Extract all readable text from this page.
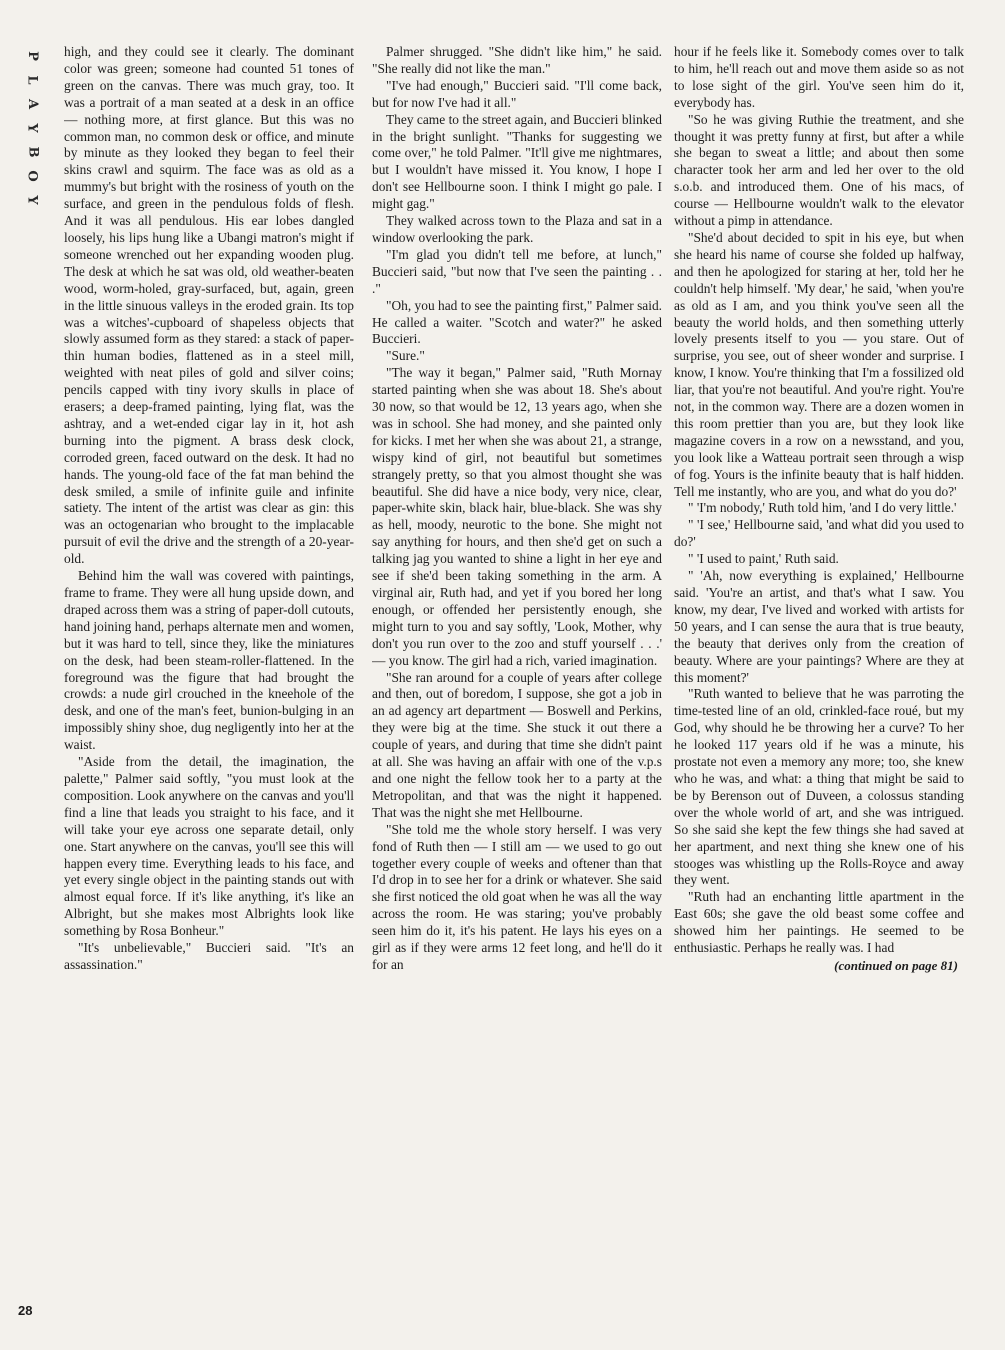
P
L
A
Y
B
O
Y

high, and they could see it clearly. The dominant color was green; someone had counted 51 tones of green on the canvas. There was much gray, too. It was a portrait of a man seated at a desk in an office — nothing more, at first glance. But this was no common man, no common desk or office, and minute by minute as they looked they began to feel their skins crawl and squirm. The face was as old as a mummy's but bright with the rosiness of youth on the surface, and green in the pendulous folds of flesh. And it was all pendulous. His ear lobes dangled loosely, his lips hung like a Ubangi matron's might if someone wrenched out her expanding wooden plug. The desk at which he sat was old, old weather-beaten wood, worm-holed, gray-surfaced, but, again, green in the little sinuous valleys in the eroded grain. Its top was a witches'-cupboard of shapeless objects that slowly assumed form as they stared: a stack of paper-thin human bodies, flattened as in a steel mill, weighted with neat piles of gold and silver coins; pencils capped with tiny ivory skulls in place of erasers; a deep-framed painting, lying flat, was the ashtray, and a wet-ended cigar lay in it, hot ash burning into the pigment. A brass desk clock, corroded green, faced outward on the desk. It had no hands. The young-old face of the fat man behind the desk smiled, a smile of infinite guile and infinite satiety. The intent of the artist was clear as gin: this was an octogenarian who brought to the implacable pursuit of evil the drive and the strength of a 20-year-old.

Behind him the wall was covered with paintings, frame to frame. They were all hung upside down, and draped across them was a string of paper-doll cutouts, hand joining hand, perhaps alternate men and women, but it was hard to tell, since they, like the miniatures on the desk, had been steam-roller-flattened. In the foreground was the figure that had brought the crowds: a nude girl crouched in the kneehole of the desk, and one of the man's feet, bunion-bulging in an impossibly shiny shoe, dug negligently into her at the waist.

"Aside from the detail, the imagination, the palette," Palmer said softly, "you must look at the composition. Look anywhere on the canvas and you'll find a line that leads you straight to his face, and it will take your eye across one separate detail, only one. Start anywhere on the canvas, you'll see this will happen every time. Everything leads to his face, and yet every single object in the painting stands out with almost equal force. If it's like anything, it's like an Albright, but she makes most Albrights look like something by Rosa Bonheur."

"It's unbelievable," Buccieri said. "It's an assassination."

Palmer shrugged. "She didn't like him," he said. "She really did not like the man."

"I've had enough," Buccieri said. "I'll come back, but for now I've had it all."

They came to the street again, and Buccieri blinked in the bright sunlight. "Thanks for suggesting we come over," he told Palmer. "It'll give me nightmares, but I wouldn't have missed it. You know, I hope I don't see Hellbourne soon. I think I might go pale. I might gag."

They walked across town to the Plaza and sat in a window overlooking the park.

"I'm glad you didn't tell me before, at lunch," Buccieri said, "but now that I've seen the painting . . ."

"Oh, you had to see the painting first," Palmer said. He called a waiter. "Scotch and water?" he asked Buccieri.

"Sure."

"The way it began," Palmer said, "Ruth Mornay started painting when she was about 18. She's about 30 now, so that would be 12, 13 years ago, when she was in school. She had money, and she painted only for kicks. I met her when she was about 21, a strange, wispy kind of girl, not beautiful but sometimes strangely pretty, so that you almost thought she was beautiful. She did have a nice body, very nice, clear, paper-white skin, black hair, blue-black. She was shy as hell, moody, neurotic to the bone. She might not say anything for hours, and then she'd get on such a talking jag you wanted to shine a light in her eye and see if she'd been taking something in the arm. A virginal air, Ruth had, and yet if you bored her long enough, or offended her persistently enough, she might turn to you and say softly, 'Look, Mother, why don't you run over to the zoo and stuff yourself . . .' — you know. The girl had a rich, varied imagination.

"She ran around for a couple of years after college and then, out of boredom, I suppose, she got a job in an ad agency art department — Boswell and Perkins, they were big at the time. She stuck it out there a couple of years, and during that time she didn't paint at all. She was having an affair with one of the v.p.s and one night the fellow took her to a party at the Metropolitan, and that was the night it happened. That was the night she met Hellbourne.

"She told me the whole story herself. I was very fond of Ruth then — I still am — we used to go out together every couple of weeks and oftener than that I'd drop in to see her for a drink or whatever. She said she first noticed the old goat when he was all the way across the room. He was staring; you've probably seen him do it, it's his patent. He lays his eyes on a girl as if they were arms 12 feet long, and he'll do it for an

hour if he feels like it. Somebody comes over to talk to him, he'll reach out and move them aside so as not to lose sight of the girl. You've seen him do it, everybody has.

"So he was giving Ruthie the treatment, and she thought it was pretty funny at first, but after a while she began to sweat a little; and about then some character took her arm and led her over to the old s.o.b. and introduced them. One of his macs, of course — Hellbourne wouldn't walk to the elevator without a pimp in attendance.

"She'd about decided to spit in his eye, but when she heard his name of course she folded up halfway, and then he apologized for staring at her, told her he couldn't help himself. 'My dear,' he said, 'when you're as old as I am, and you think you've seen all the beauty the world holds, and then something utterly lovely presents itself to you — you stare. Out of surprise, you see, out of sheer wonder and surprise. I know, I know. You're thinking that I'm a fossilized old liar, that you're not beautiful. And you're right. You're not, in the common way. There are a dozen women in this room prettier than you are, but they look like magazine covers in a row on a newsstand, and you, you look like a Watteau portrait seen through a wisp of fog. Yours is the infinite beauty that is half hidden. Tell me instantly, who are you, and what do you do?'

" 'I'm nobody,' Ruth told him, 'and I do very little.'

" 'I see,' Hellbourne said, 'and what did you used to do?'

" 'I used to paint,' Ruth said.

" 'Ah, now everything is explained,' Hellbourne said. 'You're an artist, and that's what I saw. You know, my dear, I've lived and worked with artists for 50 years, and I can sense the aura that is true beauty, the beauty that derives only from the creation of beauty. Where are your paintings? Where are they at this moment?'

"Ruth wanted to believe that he was parroting the time-tested line of an old, crinkled-face roué, but my God, why should he be throwing her a curve? To her he looked 117 years old if he was a minute, his prostate not even a memory any more; too, she knew who he was, and what: a thing that might be said to be by Berenson out of Duveen, a colossus standing over the whole world of art, and she was intrigued. So she said she kept the few things she had saved at her apartment, and next thing she knew one of his stooges was whistling up the Rolls-Royce and away they went.

"Ruth had an enchanting little apartment in the East 60s; she gave the old beast some coffee and showed him her paintings. He seemed to be enthusiastic. Perhaps he really was. I had

(continued on page 81)
28
